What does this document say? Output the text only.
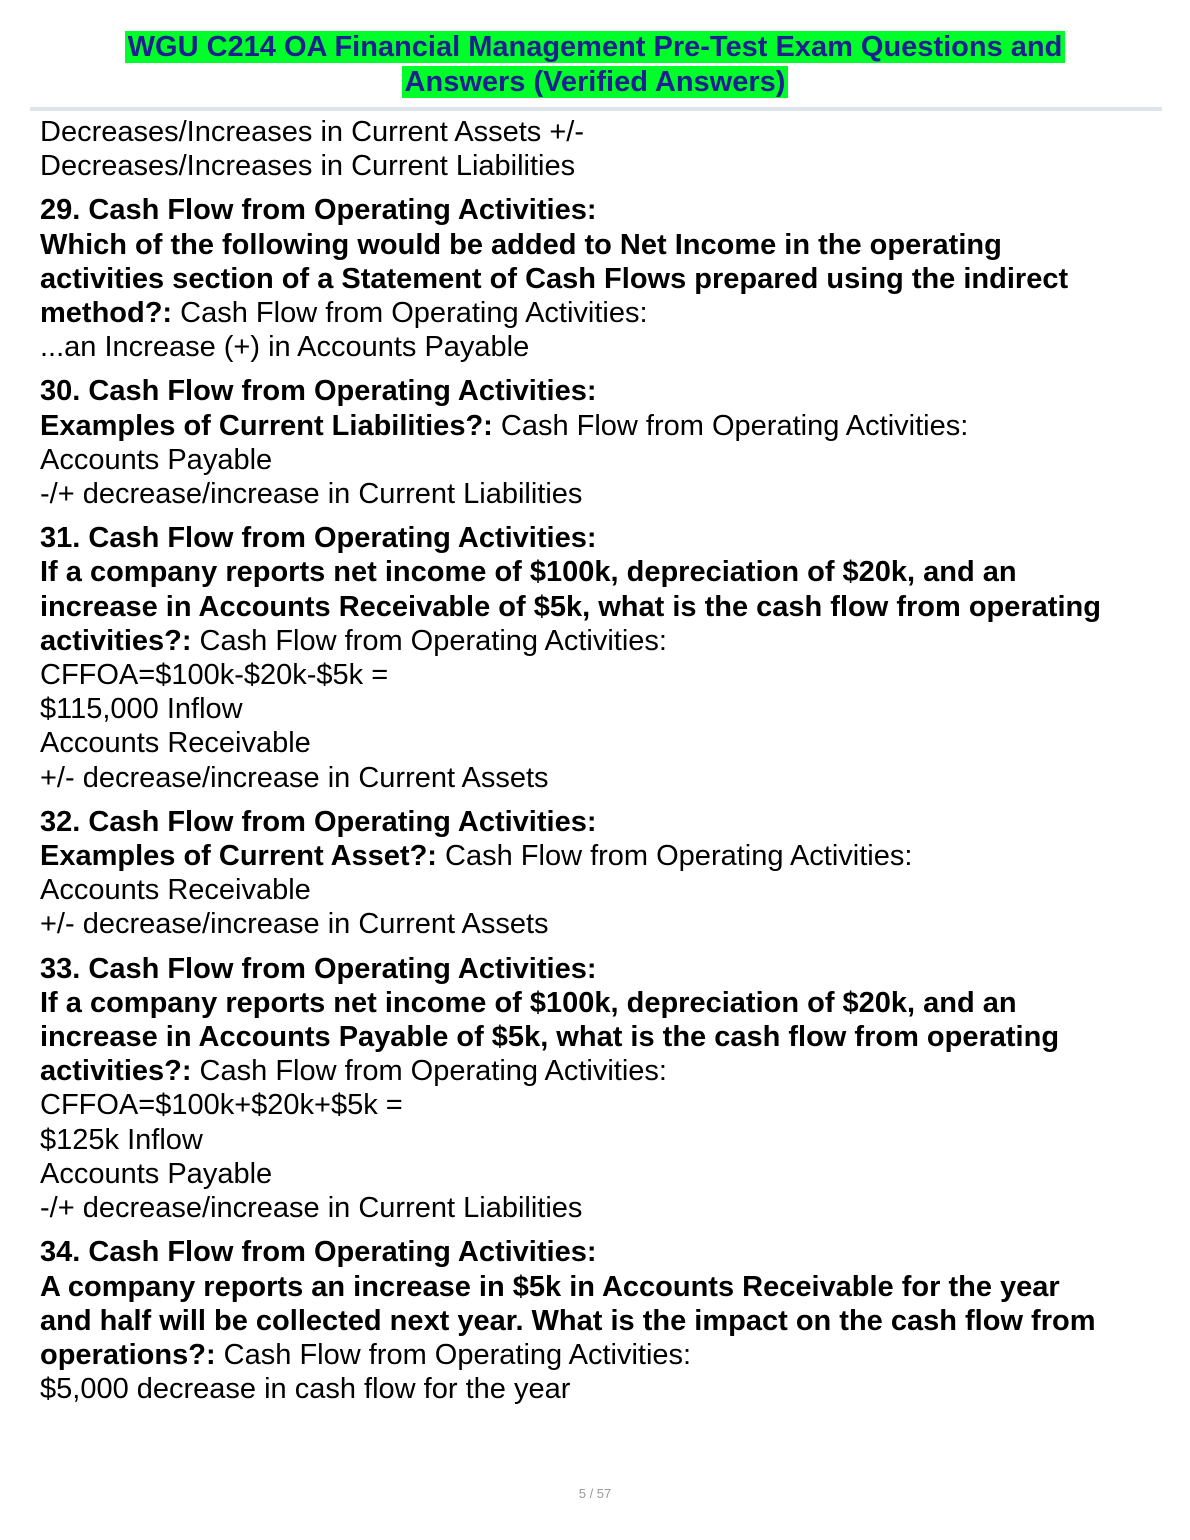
WGU C214 OA Financial Management Pre-Test Exam Questions and
Answers (Verified Answers)
Decreases/Increases in Current Assets +/-
Decreases/Increases in Current Liabilities
29. Cash Flow from Operating Activities:
Which of the following would be added to Net Income in the operating
activities section of a Statement of Cash Flows prepared using the indirect
method?: Cash Flow from Operating Activities:
...an Increase (+) in Accounts Payable
30. Cash Flow from Operating Activities:
Examples of Current Liabilities?: Cash Flow from Operating Activities:
Accounts Payable
-/+ decrease/increase in Current Liabilities
31. Cash Flow from Operating Activities:
If a company reports net income of $100k, depreciation of $20k, and an
increase in Accounts Receivable of $5k, what is the cash flow from operating
activities?: Cash Flow from Operating Activities:
CFFOA=$100k-$20k-$5k =
$115,000 Inflow
Accounts Receivable
+/- decrease/increase in Current Assets
32. Cash Flow from Operating Activities:
Examples of Current Asset?: Cash Flow from Operating Activities:
Accounts Receivable
+/- decrease/increase in Current Assets
33. Cash Flow from Operating Activities:
If a company reports net income of $100k, depreciation of $20k, and an
increase in Accounts Payable of $5k, what is the cash flow from operating
activities?: Cash Flow from Operating Activities:
CFFOA=$100k+$20k+$5k =
$125k Inflow
Accounts Payable
-/+ decrease/increase in Current Liabilities
34. Cash Flow from Operating Activities:
A company reports an increase in $5k in Accounts Receivable for the year
and half will be collected next year. What is the impact on the cash flow from
operations?: Cash Flow from Operating Activities:
$5,000 decrease in cash flow for the year
5 / 57
